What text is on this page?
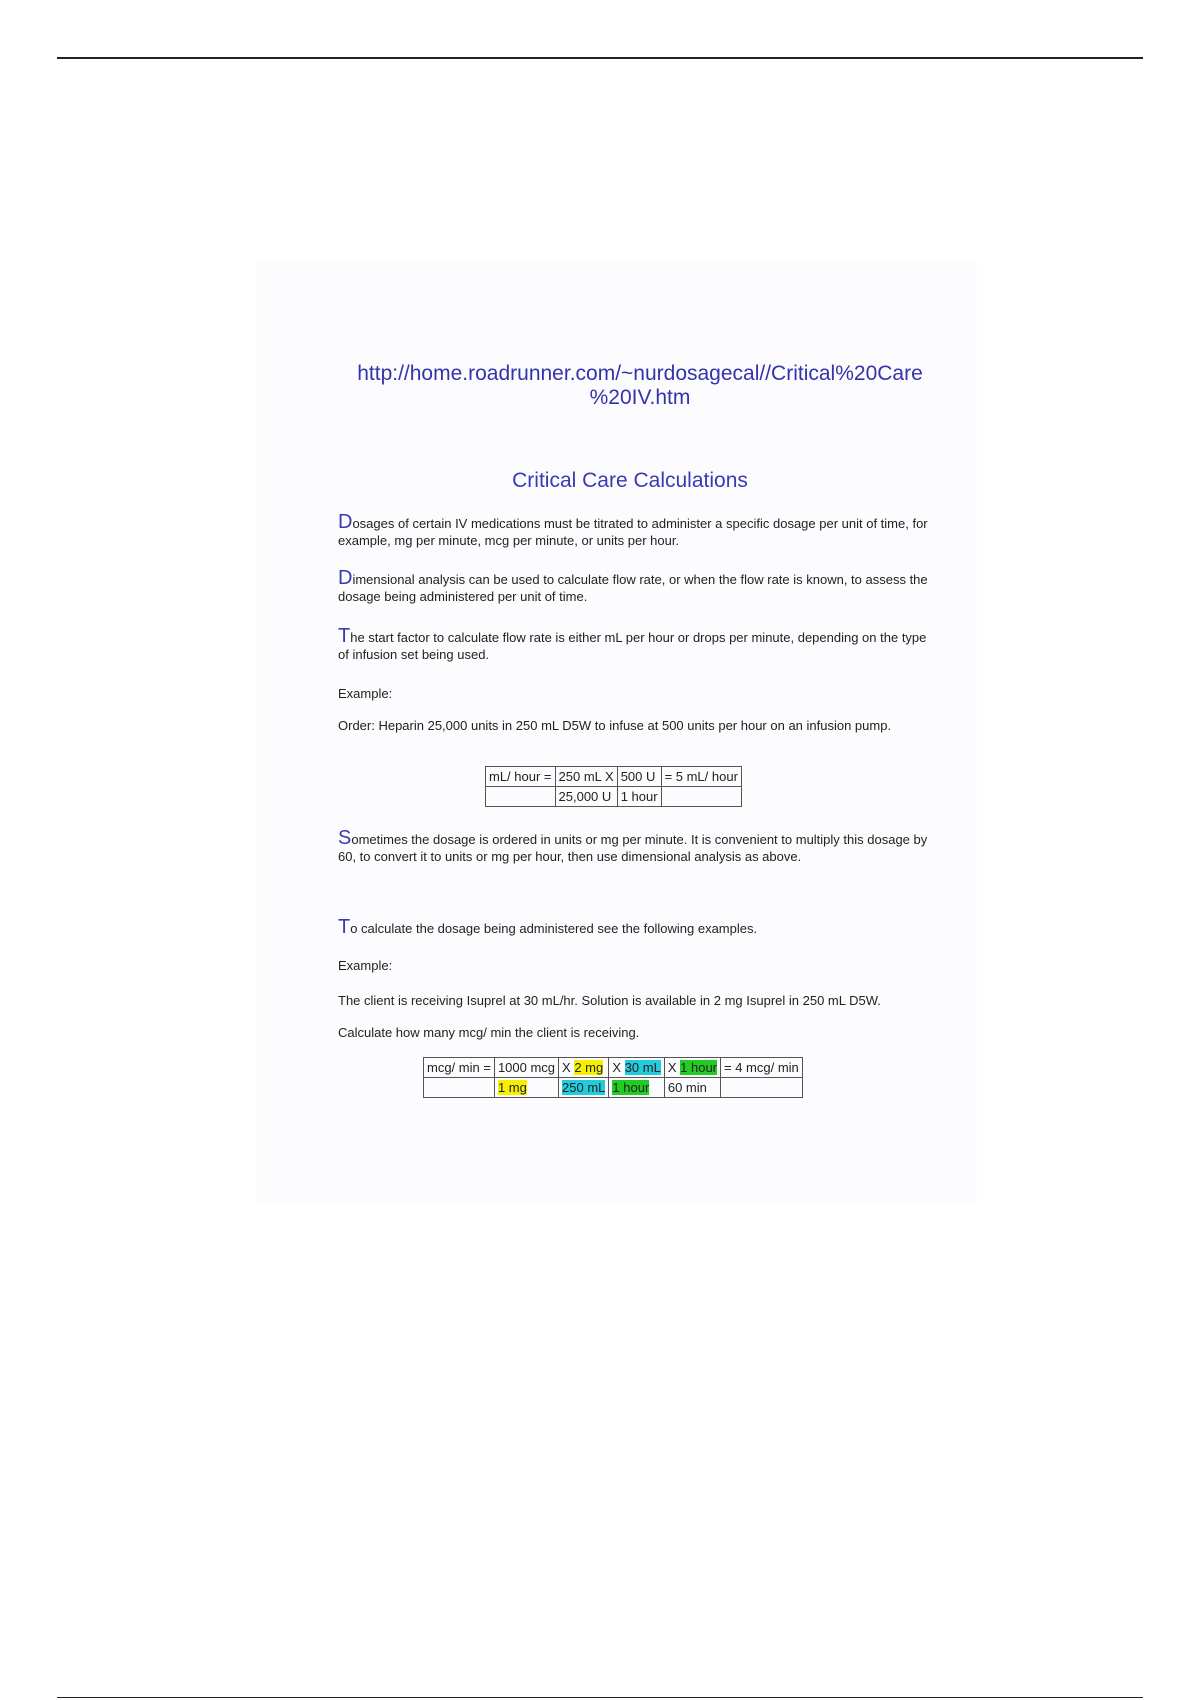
http://home.roadrunner.com/~nurdosagecal//Critical%20Care
%20IV.htm
Critical Care Calculations
Dosages of certain IV medications must be titrated to administer a specific dosage per unit of time, for example, mg per minute, mcg per minute, or units per hour.
Dimensional analysis can be used to calculate flow rate, or when the flow rate is known, to assess the dosage being administered per unit of time.
The start factor to calculate flow rate is either mL per hour or drops per minute, depending on the type of infusion set being used.
Example:
Order: Heparin 25,000 units in 250 mL D5W to infuse at 500 units per hour on an infusion pump.
mL/ hour =	250 mL X	500 U	= 5 mL/ hour
	25,000 U	1 hour	
Sometimes the dosage is ordered in units or mg per minute. It is convenient to multiply this dosage by 60, to convert it to units or mg per hour, then use dimensional analysis as above.
To calculate the dosage being administered see the following examples.
Example:
The client is receiving Isuprel at 30 mL/hr. Solution is available in 2 mg Isuprel in 250 mL D5W.
Calculate how many mcg/ min the client is receiving.
mcg/ min =	1000 mcg	X 2 mg	X 30 mL	X 1 hour	= 4 mcg/ min
	1 mg	250 mL	1 hour	60 min	
